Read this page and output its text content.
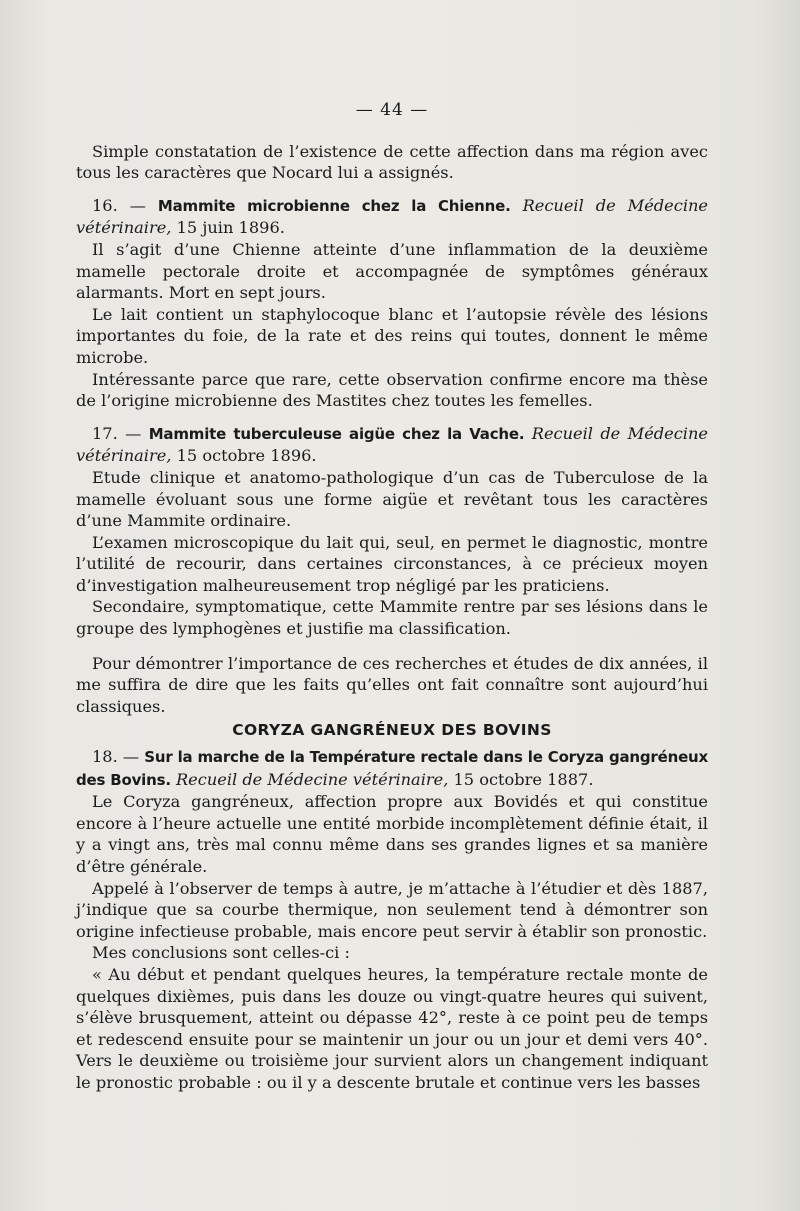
— 44 —

Simple constatation de l’existence de cette affection dans ma région avec tous les caractères que Nocard lui a assignés.

16. — Mammite microbienne chez la Chienne. Recueil de Médecine vétérinaire, 15 juin 1896.

Il s’agit d’une Chienne atteinte d’une inflammation de la deuxième mamelle pectorale droite et accompagnée de symptômes généraux alarmants. Mort en sept jours.

Le lait contient un staphylocoque blanc et l’autopsie révèle des lésions importantes du foie, de la rate et des reins qui toutes, donnent le même microbe.

Intéressante parce que rare, cette observation confirme encore ma thèse de l’origine microbienne des Mastites chez toutes les femelles.

17. — Mammite tuberculeuse aigüe chez la Vache. Recueil de Médecine vétérinaire, 15 octobre 1896.

Etude clinique et anatomo-pathologique d’un cas de Tuberculose de la mamelle évoluant sous une forme aigüe et revêtant tous les caractères d’une Mammite ordinaire.

L’examen microscopique du lait qui, seul, en permet le diagnostic, montre l’utilité de recourir, dans certaines circonstances, à ce précieux moyen d’investigation malheureusement trop négligé par les praticiens.

Secondaire, symptomatique, cette Mammite rentre par ses lésions dans le groupe des lymphogènes et justifie ma classification.

Pour démontrer l’importance de ces recherches et études de dix années, il me suffira de dire que les faits qu’elles ont fait connaître sont aujourd’hui classiques.

CORYZA GANGRÉNEUX DES BOVINS
18. — Sur la marche de la Température rectale dans le Coryza gangréneux des Bovins. Recueil de Médecine vétérinaire, 15 octobre 1887.

Le Coryza gangréneux, affection propre aux Bovidés et qui constitue encore à l’heure actuelle une entité morbide incomplètement définie était, il y a vingt ans, très mal connu même dans ses grandes lignes et sa manière d’être générale.

Appelé à l’observer de temps à autre, je m’attache à l’étudier et dès 1887, j’indique que sa courbe thermique, non seulement tend à démontrer son origine infectieuse probable, mais encore peut servir à établir son pronostic.

Mes conclusions sont celles-ci :

« Au début et pendant quelques heures, la température rectale monte de quelques dixièmes, puis dans les douze ou vingt-quatre heures qui suivent, s’élève brusquement, atteint ou dépasse 42°, reste à ce point peu de temps et redescend ensuite pour se maintenir un jour ou un jour et demi vers 40°. Vers le deuxième ou troisième jour survient alors un changement indiquant le pronostic probable : ou il y a descente brutale et continue vers les basses
